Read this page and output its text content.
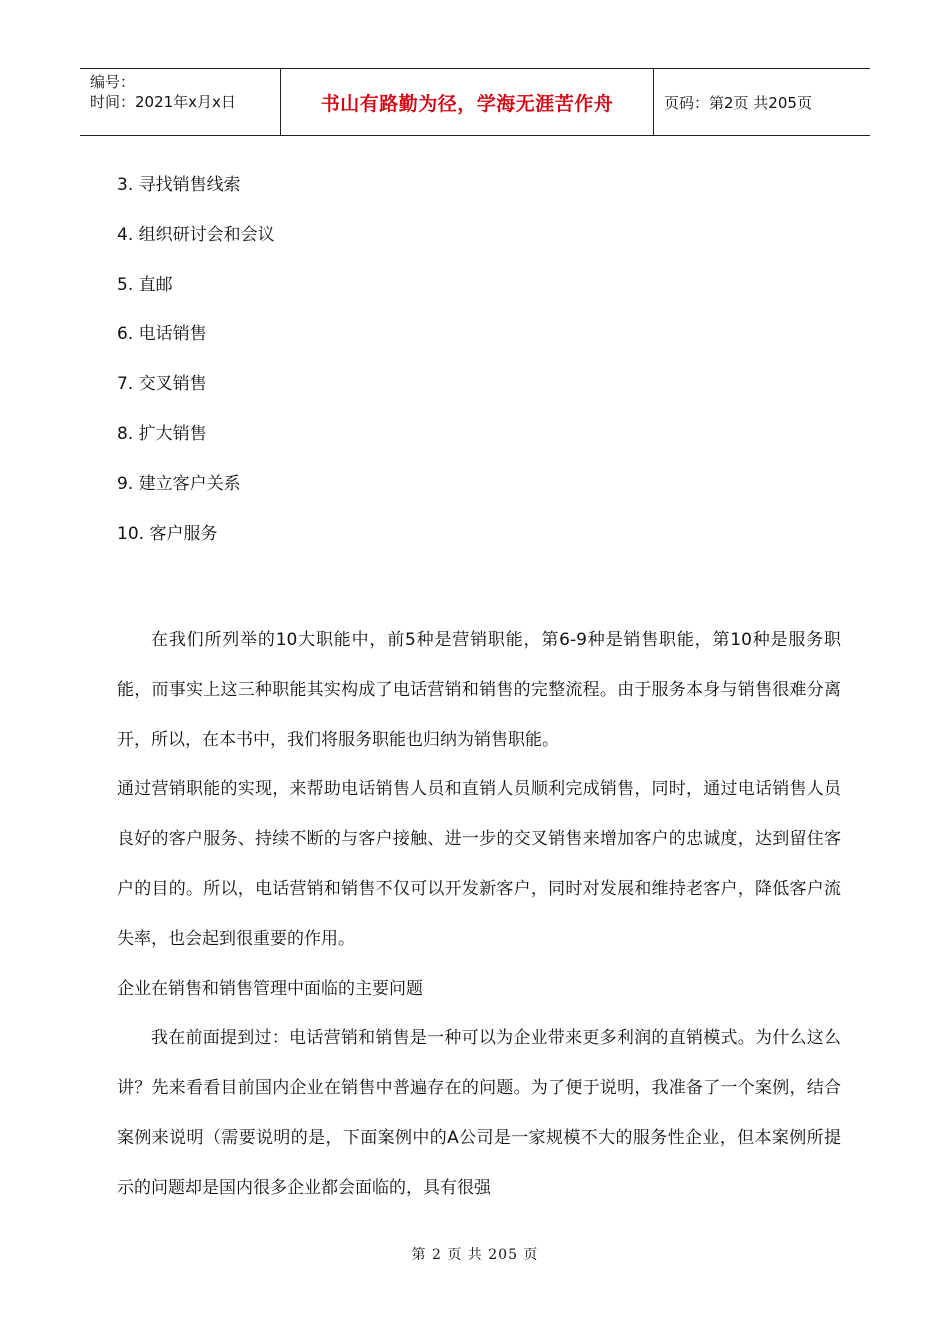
编号：
时间：2021年x月x日	书山有路勤为径，学海无涯苦作舟	页码：第2页 共205页
3. 寻找销售线索
4. 组织研讨会和会议
5. 直邮
6. 电话销售
7. 交叉销售
8. 扩大销售
9. 建立客户关系
10. 客户服务

在我们所列举的10大职能中，前5种是营销职能，第6-9种是销售职能，第10种是服务职能，而事实上这三种职能其实构成了电话营销和销售的完整流程。由于服务本身与销售很难分离开，所以，在本书中，我们将服务职能也归纳为销售职能。

通过营销职能的实现，来帮助电话销售人员和直销人员顺利完成销售，同时，通过电话销售人员良好的客户服务、持续不断的与客户接触、进一步的交叉销售来增加客户的忠诚度，达到留住客户的目的。所以，电话营销和销售不仅可以开发新客户，同时对发展和维持老客户，降低客户流失率，也会起到很重要的作用。

企业在销售和销售管理中面临的主要问题

我在前面提到过：电话营销和销售是一种可以为企业带来更多利润的直销模式。为什么这么讲？先来看看目前国内企业在销售中普遍存在的问题。为了便于说明，我准备了一个案例，结合案例来说明（需要说明的是，下面案例中的A公司是一家规模不大的服务性企业，但本案例所提示的问题却是国内很多企业都会面临的，具有很强

第 2 页 共 205 页
